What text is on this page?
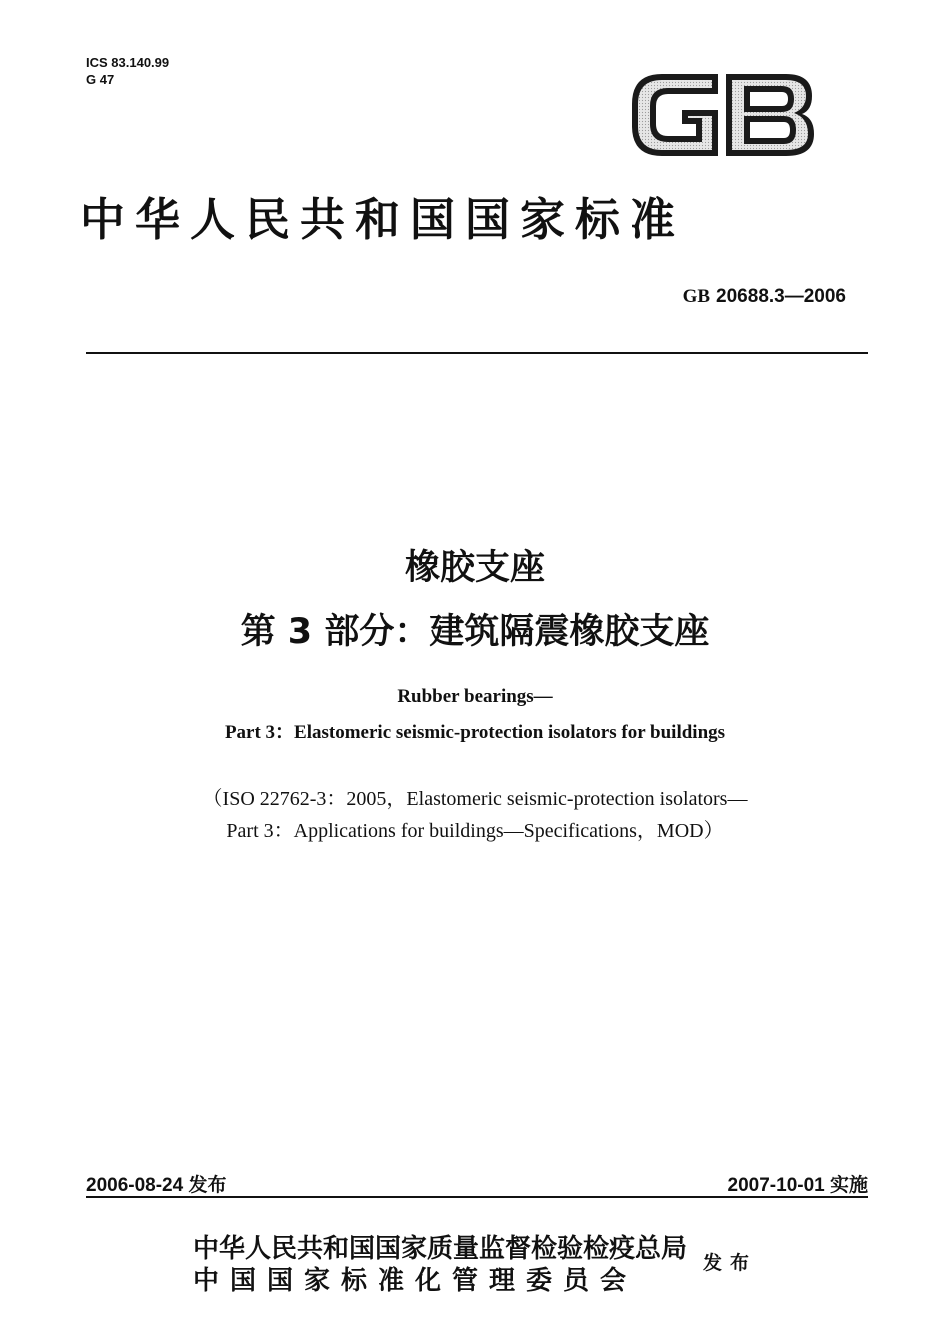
ICS 83.140.99
G 47
GB
中华人民共和国国家标准
GB 20688.3—2006
橡胶支座
第 3 部分：建筑隔震橡胶支座
Rubber bearings—
Part 3：Elastomeric seismic-protection isolators for buildings
（ISO 22762-3：2005，Elastomeric seismic-protection isolators—
Part 3：Applications for buildings—Specifications，MOD）
2006-08-24 发布	2007-10-01 实施
中华人民共和国国家质量监督检验检疫总局
中国国家标准化管理委员会
发布
